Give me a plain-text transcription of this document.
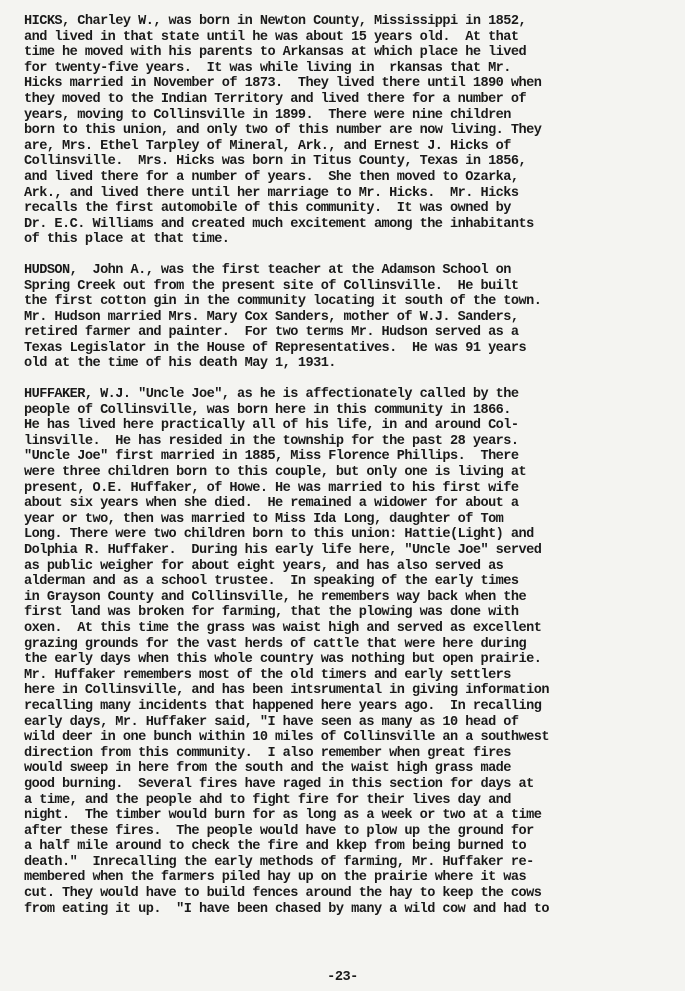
HICKS, Charley W., was born in Newton County, Mississippi in 1852,
and lived in that state until he was about 15 years old.  At that
time he moved with his parents to Arkansas at which place he lived
for twenty-five years.  It was while living in  rkansas that Mr.
Hicks married in November of 1873.  They lived there until 1890 when
they moved to the Indian Territory and lived there for a number of
years, moving to Collinsville in 1899.  There were nine children
born to this union, and only two of this number are now living. They
are, Mrs. Ethel Tarpley of Mineral, Ark., and Ernest J. Hicks of
Collinsville.  Mrs. Hicks was born in Titus County, Texas in 1856,
and lived there for a number of years.  She then moved to Ozarka,
Ark., and lived there until her marriage to Mr. Hicks.  Mr. Hicks
recalls the first automobile of this community.  It was owned by
Dr. E.C. Williams and created much excitement among the inhabitants
of this place at that time.
HUDSON,  John A., was the first teacher at the Adamson School on
Spring Creek out from the present site of Collinsville.  He built
the first cotton gin in the community locating it south of the town.
Mr. Hudson married Mrs. Mary Cox Sanders, mother of W.J. Sanders,
retired farmer and painter.  For two terms Mr. Hudson served as a
Texas Legislator in the House of Representatives.  He was 91 years
old at the time of his death May 1, 1931.
HUFFAKER, W.J. "Uncle Joe", as he is affectionately called by the
people of Collinsville, was born here in this community in 1866.
He has lived here practically all of his life, in and around Col-
linsville.  He has resided in the township for the past 28 years.
"Uncle Joe" first married in 1885, Miss Florence Phillips.  There
were three children born to this couple, but only one is living at
present, O.E. Huffaker, of Howe. He was married to his first wife
about six years when she died.  He remained a widower for about a
year or two, then was married to Miss Ida Long, daughter of Tom
Long. There were two children born to this union: Hattie(Light) and
Dolphia R. Huffaker.  During his early life here, "Uncle Joe" served
as public weigher for about eight years, and has also served as
alderman and as a school trustee.  In speaking of the early times
in Grayson County and Collinsville, he remembers way back when the
first land was broken for farming, that the plowing was done with
oxen.  At this time the grass was waist high and served as excellent
grazing grounds for the vast herds of cattle that were here during
the early days when this whole country was nothing but open prairie.
Mr. Huffaker remembers most of the old timers and early settlers
here in Collinsville, and has been intsrumental in giving information
recalling many incidents that happened here years ago.  In recalling
early days, Mr. Huffaker said, "I have seen as many as 10 head of
wild deer in one bunch within 10 miles of Collinsville an a southwest
direction from this community.  I also remember when great fires
would sweep in here from the south and the waist high grass made
good burning.  Several fires have raged in this section for days at
a time, and the people ahd to fight fire for their lives day and
night.  The timber would burn for as long as a week or two at a time
after these fires.  The people would have to plow up the ground for
a half mile around to check the fire and kkep from being burned to
death."  Inrecalling the early methods of farming, Mr. Huffaker re-
membered when the farmers piled hay up on the prairie where it was
cut. They would have to build fences around the hay to keep the cows
from eating it up.  "I have been chased by many a wild cow and had to
-23-
